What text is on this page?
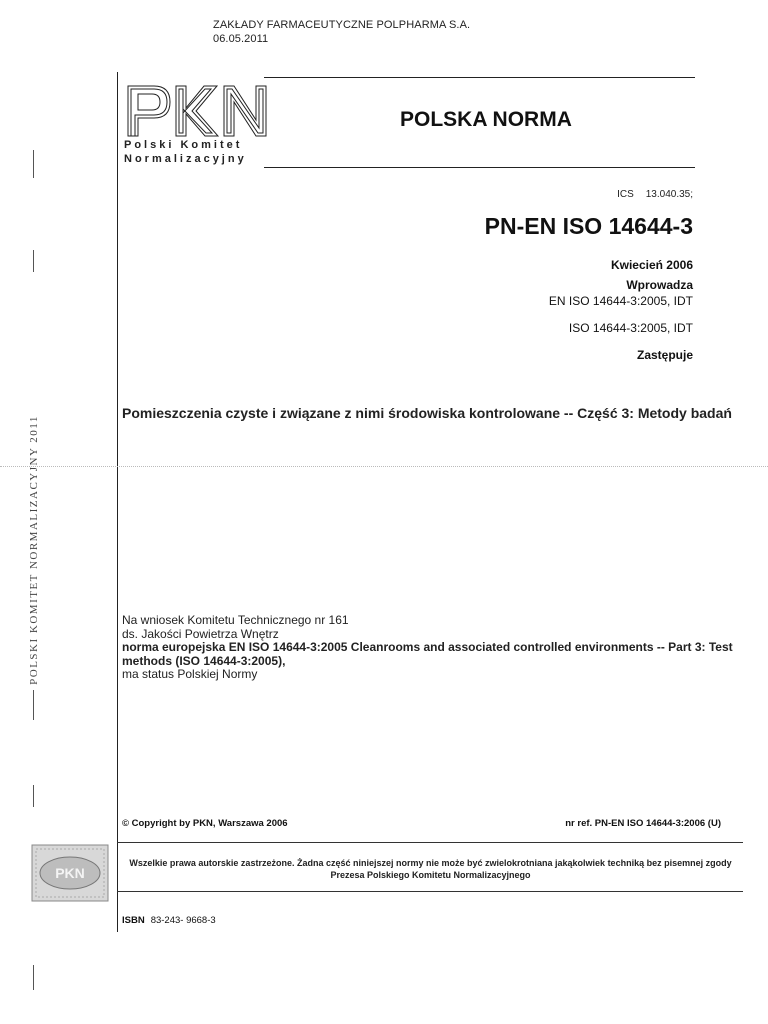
ZAKŁADY FARMACEUTYCZNE POLPHARMA S.A.
06.05.2011
PKN
Polski Komitet
Normalizacyjny
POLSKA NORMA
ICS 13.040.35;
PN-EN ISO 14644-3
Kwiecień 2006
Wprowadza
EN ISO 14644-3:2005, IDT
ISO 14644-3:2005, IDT
Zastępuje
Pomieszczenia czyste i związane z nimi środowiska kontrolowane -- Część 3: Metody badań
Na wniosek Komitetu Technicznego nr 161
ds. Jakości Powietrza Wnętrz
norma europejska EN ISO 14644-3:2005 Cleanrooms and associated controlled environments -- Part 3: Test methods (ISO 14644-3:2005),
ma status Polskiej Normy
© Copyright by PKN, Warszawa 2006	nr ref. PN-EN ISO 14644-3:2006 (U)
Wszelkie prawa autorskie zastrzeżone. Żadna część niniejszej normy nie może być zwielokrotniana jakąkolwiek techniką bez pisemnej zgody Prezesa Polskiego Komitetu Normalizacyjnego
ISBN 83-243- 9668-3
POLSKI KOMITET NORMALIZACYJNY 2011
PKN
